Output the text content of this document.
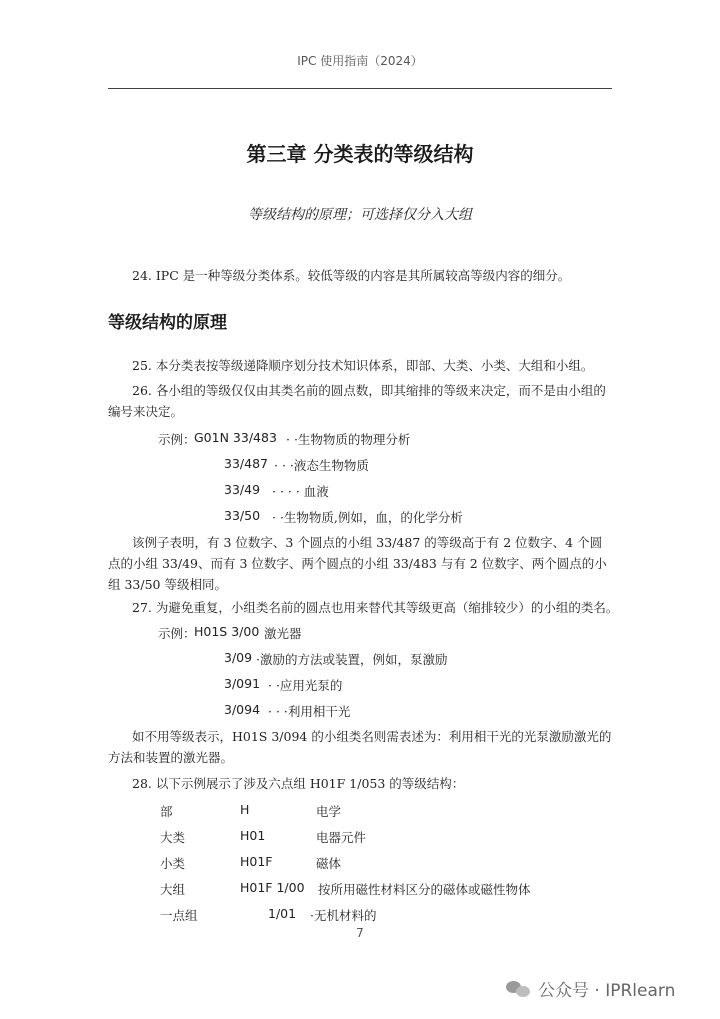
IPC 使用指南（2024）
第三章 分类表的等级结构
等级结构的原理；可选择仅分入大组
24. IPC 是一种等级分类体系。较低等级的内容是其所属较高等级内容的细分。
等级结构的原理
25. 本分类表按等级递降顺序划分技术知识体系，即部、大类、小类、大组和小组。
26. 各小组的等级仅仅由其类名前的圆点数，即其缩排的等级来决定，而不是由小组的编号来决定。
示例：
G01N 33/483 · ·生物物质的物理分析
33/487 · · ·液态生物物质
33/49 · · · · 血液
33/50 · ·生物物质,例如，血，的化学分析
该例子表明，有 3 位数字、3 个圆点的小组 33/487 的等级高于有 2 位数字、4 个圆点的小组 33/49、而有 3 位数字、两个圆点的小组 33/483 与有 2 位数字、两个圆点的小组 33/50 等级相同。
27. 为避免重复，小组类名前的圆点也用来替代其等级更高（缩排较少）的小组的类名。
示例：
H01S 3/00 激光器
3/09 ·激励的方法或装置，例如，泵激励
3/091 · ·应用光泵的
3/094 · · ·利用相干光
如不用等级表示，H01S 3/094 的小组类名则需表述为：利用相干光的光泵激励激光的方法和装置的激光器。
28. 以下示例展示了涉及六点组 H01F 1/053 的等级结构：
部	H	电学
大类	H01	电器元件
小类	H01F	磁体
大组	H01F 1/00 按所用磁性材料区分的磁体或磁性物体
一点组	1/01 ·无机材料的
7
公众号 · IPRlearn
